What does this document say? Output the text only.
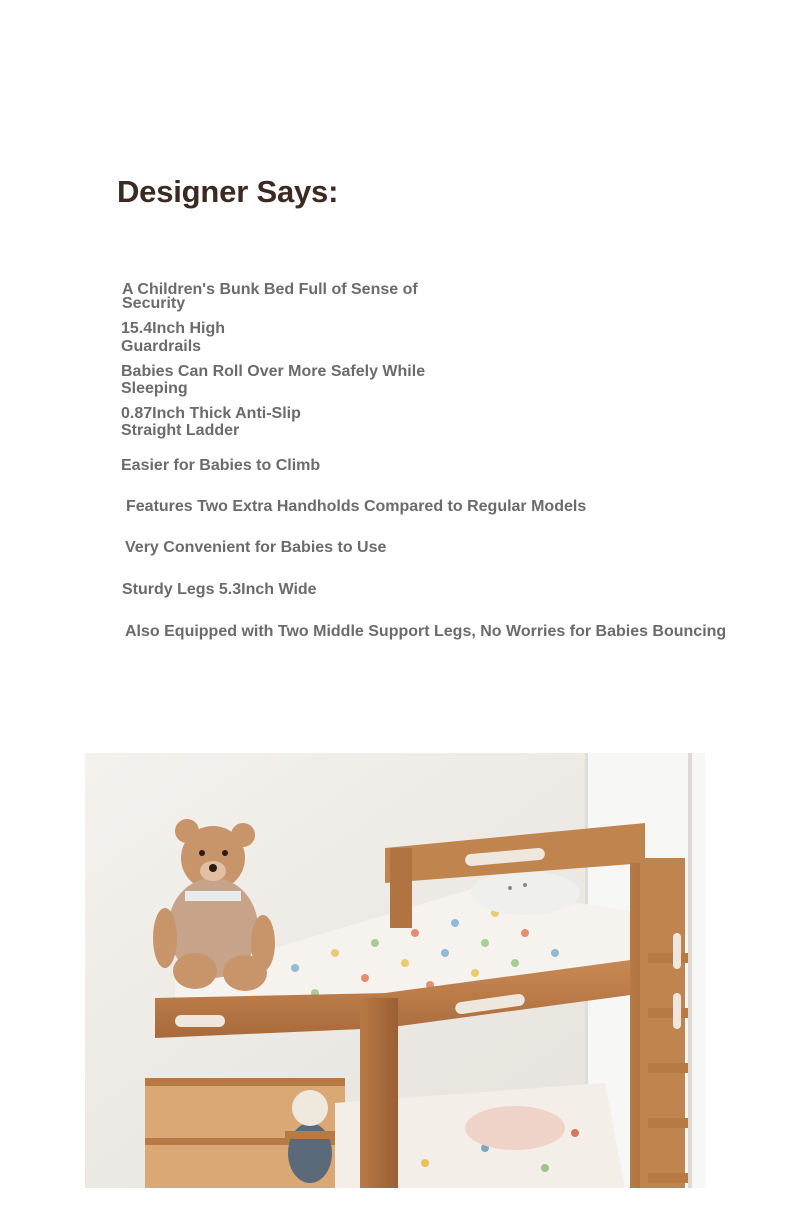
Designer Says:
A Children's Bunk Bed Full of Sense of
Security
15.4Inch High
Guardrails
Babies Can Roll Over More Safely While
Sleeping
0.87Inch Thick Anti-Slip
Straight Ladder
Easier for Babies to Climb
Features Two Extra Handholds Compared to Regular Models
Very Convenient for Babies to Use
Sturdy Legs 5.3Inch Wide
Also Equipped with Two Middle Support Legs, No Worries for Babies Bouncing
